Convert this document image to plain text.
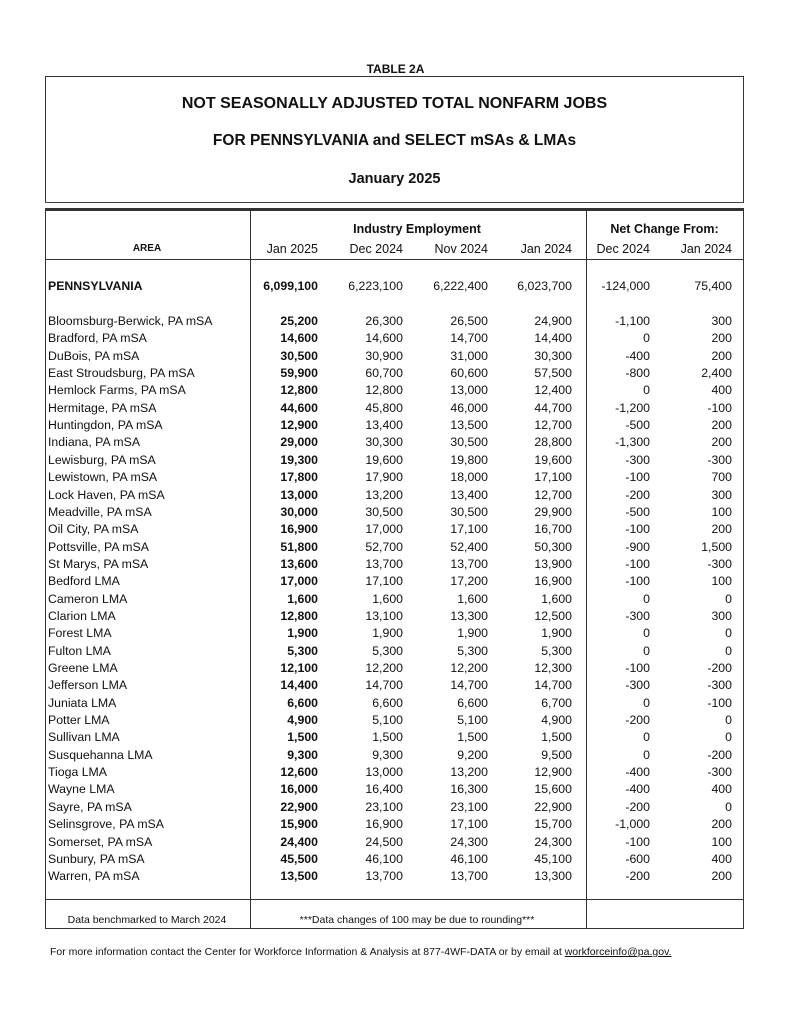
TABLE 2A
NOT SEASONALLY ADJUSTED TOTAL NONFARM JOBS
FOR PENNSYLVANIA and SELECT mSAs & LMAs
January 2025
Industry Employment	Net Change From:
AREA	Jan 2025	Dec 2024	Nov 2024	Jan 2024	Dec 2024	Jan 2024
PENNSYLVANIA	6,099,100	6,223,100	6,222,400	6,023,700	-124,000	75,400
Bloomsburg-Berwick, PA mSA	25,200	26,300	26,500	24,900	-1,100	300
Bradford, PA mSA	14,600	14,600	14,700	14,400	0	200
DuBois, PA mSA	30,500	30,900	31,000	30,300	-400	200
East Stroudsburg, PA mSA	59,900	60,700	60,600	57,500	-800	2,400
Hemlock Farms, PA mSA	12,800	12,800	13,000	12,400	0	400
Hermitage, PA mSA	44,600	45,800	46,000	44,700	-1,200	-100
Huntingdon, PA mSA	12,900	13,400	13,500	12,700	-500	200
Indiana, PA mSA	29,000	30,300	30,500	28,800	-1,300	200
Lewisburg, PA mSA	19,300	19,600	19,800	19,600	-300	-300
Lewistown, PA mSA	17,800	17,900	18,000	17,100	-100	700
Lock Haven, PA mSA	13,000	13,200	13,400	12,700	-200	300
Meadville, PA mSA	30,000	30,500	30,500	29,900	-500	100
Oil City, PA mSA	16,900	17,000	17,100	16,700	-100	200
Pottsville, PA mSA	51,800	52,700	52,400	50,300	-900	1,500
St Marys, PA mSA	13,600	13,700	13,700	13,900	-100	-300
Bedford LMA	17,000	17,100	17,200	16,900	-100	100
Cameron LMA	1,600	1,600	1,600	1,600	0	0
Clarion LMA	12,800	13,100	13,300	12,500	-300	300
Forest LMA	1,900	1,900	1,900	1,900	0	0
Fulton LMA	5,300	5,300	5,300	5,300	0	0
Greene LMA	12,100	12,200	12,200	12,300	-100	-200
Jefferson LMA	14,400	14,700	14,700	14,700	-300	-300
Juniata LMA	6,600	6,600	6,600	6,700	0	-100
Potter LMA	4,900	5,100	5,100	4,900	-200	0
Sullivan LMA	1,500	1,500	1,500	1,500	0	0
Susquehanna LMA	9,300	9,300	9,200	9,500	0	-200
Tioga LMA	12,600	13,000	13,200	12,900	-400	-300
Wayne LMA	16,000	16,400	16,300	15,600	-400	400
Sayre, PA mSA	22,900	23,100	23,100	22,900	-200	0
Selinsgrove, PA mSA	15,900	16,900	17,100	15,700	-1,000	200
Somerset, PA mSA	24,400	24,500	24,300	24,300	-100	100
Sunbury, PA mSA	45,500	46,100	46,100	45,100	-600	400
Warren, PA mSA	13,500	13,700	13,700	13,300	-200	200
Data benchmarked to March 2024	***Data changes of 100 may be due to rounding***
For more information contact the Center for Workforce Information & Analysis at 877-4WF-DATA or by email at workforceinfo@pa.gov.
